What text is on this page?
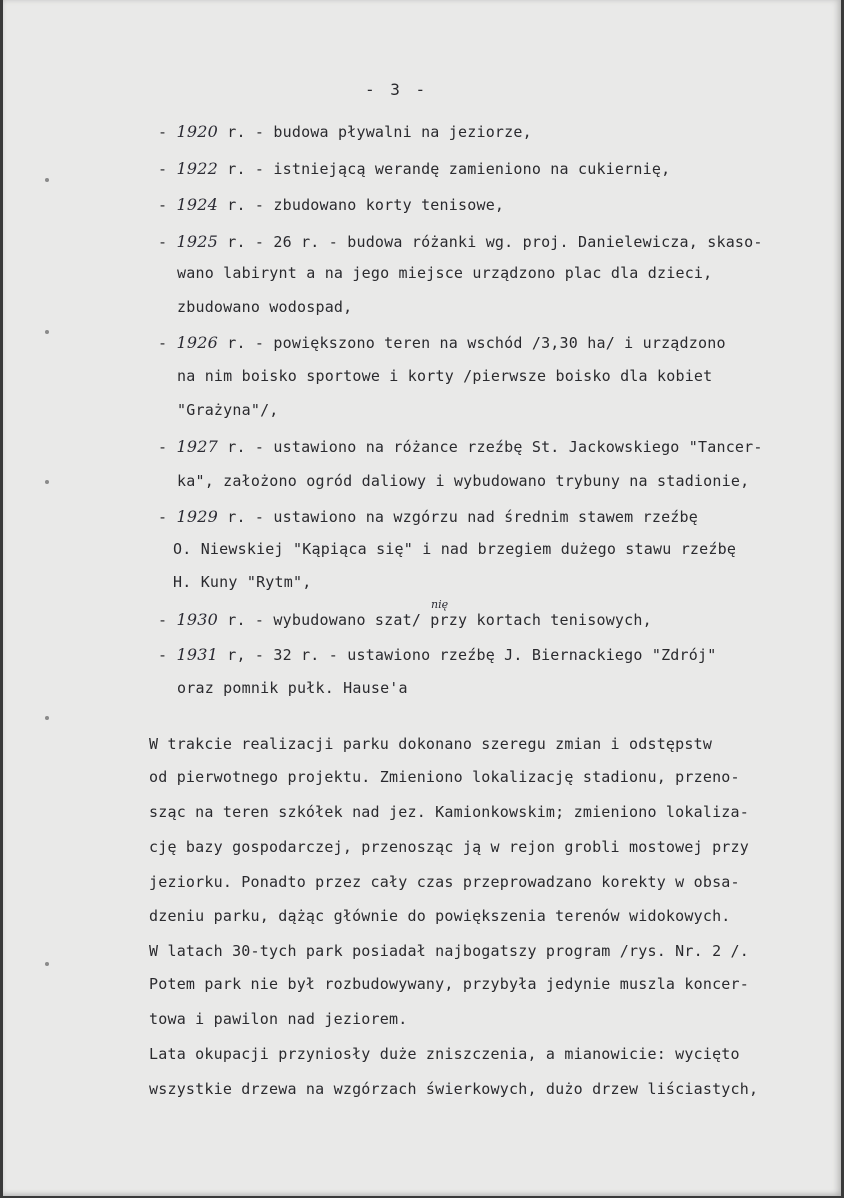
- 3 -
- 1920 r. - budowa pływalni na jeziorze,
- 1922 r. - istniejącą werandę zamieniono na cukiernię,
- 1924 r. - zbudowano korty tenisowe,
- 1925 r. - 26 r. - budowa różanki wg. proj. Danielewicza, skaso-
wano labirynt a na jego miejsce urządzono plac dla dzieci,
zbudowano wodospad,
- 1926 r. - powiększono teren na wschód /3,30 ha/ i urządzono
na nim boisko sportowe i korty /pierwsze boisko dla kobiet
"Grażyna"/,
- 1927 r. - ustawiono na różance rzeźbę St. Jackowskiego "Tancer-
ka", założono ogród daliowy i wybudowano trybuny na stadionie,
- 1929 r. - ustawiono na wzgórzu nad średnim stawem rzeźbę
O. Niewskiej "Kąpiąca się" i nad brzegiem dużego stawu rzeźbę
H. Kuny "Rytm",
- 1930 r. - wybudowano szat/ przy kortach tenisowych,
nię
- 1931 r, - 32 r. - ustawiono rzeźbę J. Biernackiego "Zdrój"
oraz pomnik pułk. Hause'a
W trakcie realizacji parku dokonano szeregu zmian i odstępstw
od pierwotnego projektu. Zmieniono lokalizację stadionu, przeno-
sząc na teren szkółek nad jez. Kamionkowskim; zmieniono lokaliza-
cję bazy gospodarczej, przenosząc ją w rejon grobli mostowej przy
jeziorku. Ponadto przez cały czas przeprowadzano korekty w obsa-
dzeniu parku, dążąc głównie do powiększenia terenów widokowych.
W latach 30-tych park posiadał najbogatszy program /rys. Nr. 2 /.
Potem park nie był rozbudowywany, przybyła jedynie muszla koncer-
towa i pawilon nad jeziorem.
Lata okupacji przyniosły duże zniszczenia, a mianowicie: wycięto
wszystkie drzewa na wzgórzach świerkowych, dużo drzew liściastych,
